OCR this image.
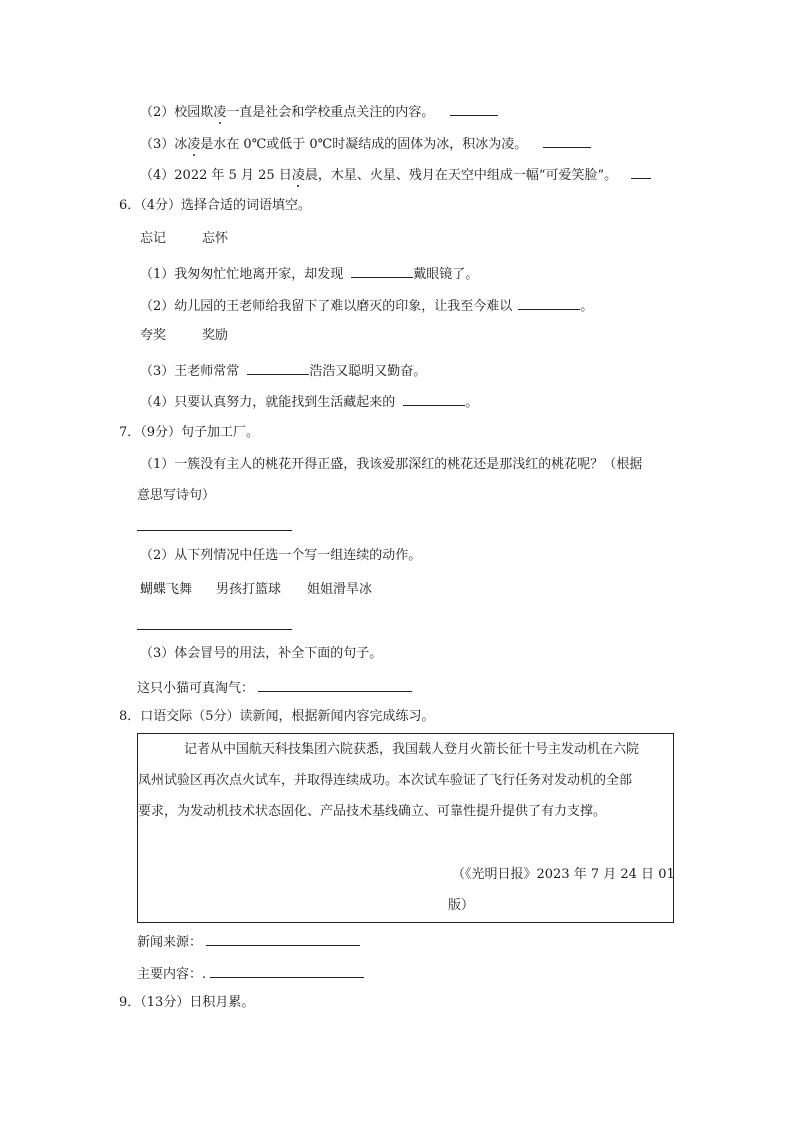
（2）校园欺凌一直是社会和学校重点关注的内容。
（3）冰凌是水在 0℃或低于 0℃时凝结成的固体为冰，积冰为凌。
（4）2022 年 5 月 25 日凌晨，木星、火星、残月在天空中组成一幅“可爱笑脸”。
6．（4分）选择合适的词语填空。
忘记	忘怀
（1）我匆匆忙忙地离开家，却发现	戴眼镜了。
（2）幼儿园的王老师给我留下了难以磨灭的印象，让我至今难以	。
夸奖	奖励
（3）王老师常常	浩浩又聪明又勤奋。
（4）只要认真努力，就能找到生活藏起来的	。
7．（9分）句子加工厂。
（1）一簇没有主人的桃花开得正盛，我该爱那深红的桃花还是那浅红的桃花呢？（根据
意思写诗句）
（2）从下列情况中任选一个写一组连续的动作。
蝴蝶飞舞 男孩打篮球 姐姐滑旱冰
（3）体会冒号的用法，补全下面的句子。
这只小猫可真淘气：
8．口语交际（5分）读新闻，根据新闻内容完成练习。
记者从中国航天科技集团六院获悉，我国载人登月火箭长征十号主发动机在六院
凤州试验区再次点火试车，并取得连续成功。本次试车验证了飞行任务对发动机的全部
要求，为发动机技术状态固化、产品技术基线确立、可靠性提升提供了有力支撑。
（《光明日报》2023 年 7 月 24 日 01
版）
新闻来源：
主要内容：.
9．（13分）日积月累。
